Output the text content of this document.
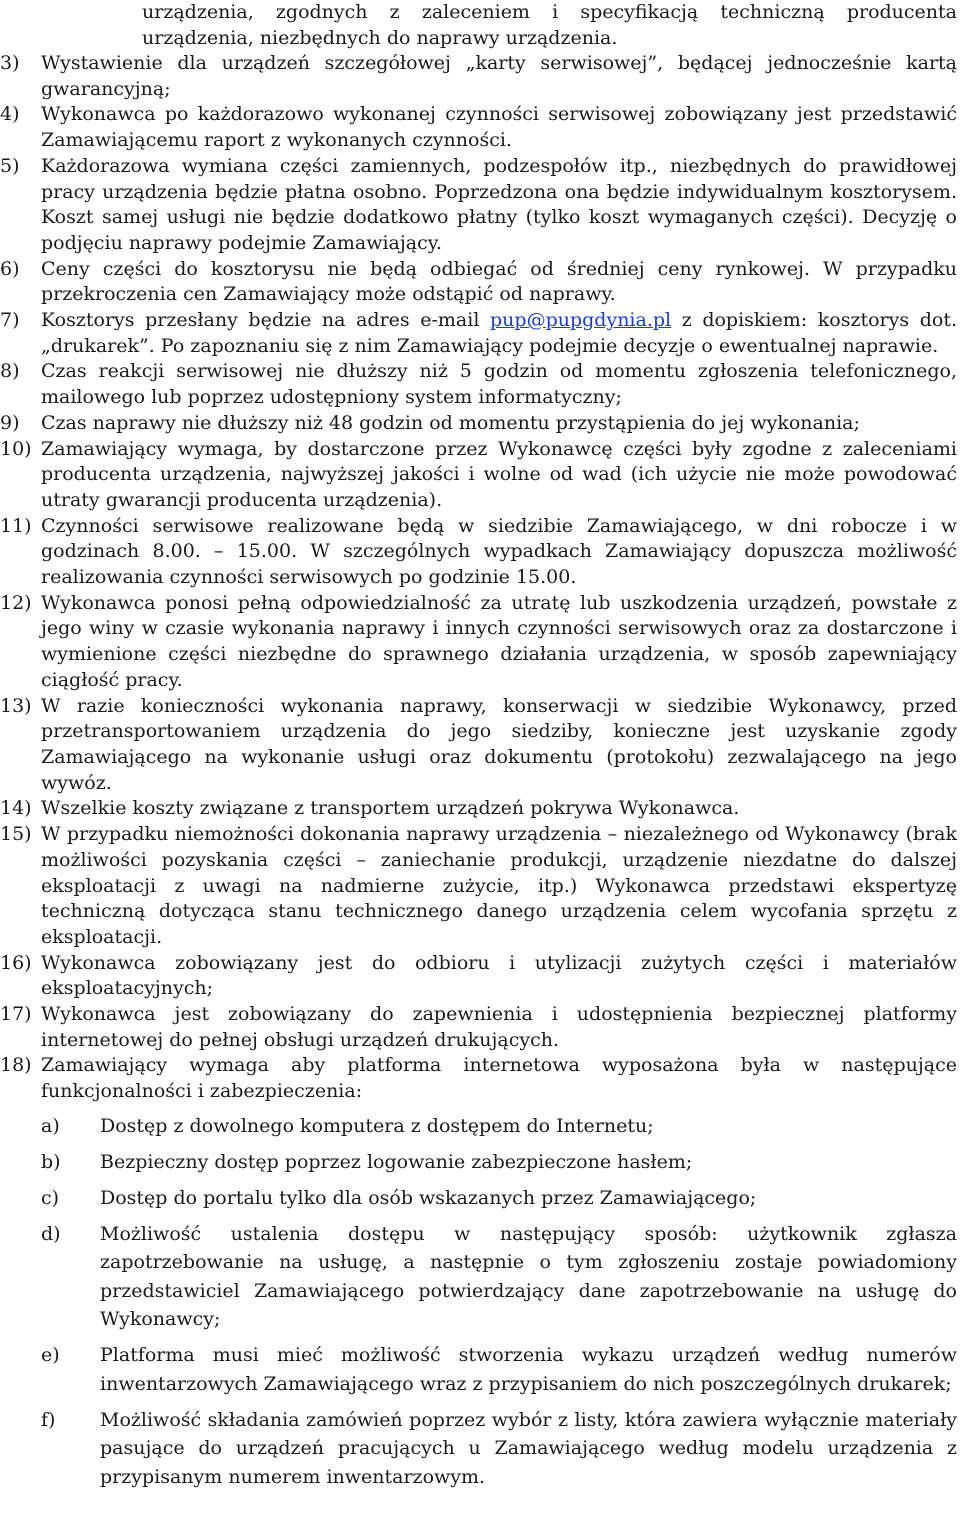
urządzenia, zgodnych z zaleceniem i specyfikacją techniczną producenta
urządzenia, niezbędnych do naprawy urządzenia.
3) Wystawienie dla urządzeń szczegółowej „karty serwisowej”, będącej jednocześnie kartą gwarancyjną;
4) Wykonawca po każdorazowo wykonanej czynności serwisowej zobowiązany jest przedstawić Zamawiającemu raport z wykonanych czynności.
5) Każdorazowa wymiana części zamiennych, podzespołów itp., niezbędnych do prawidłowej pracy urządzenia będzie płatna osobno. Poprzedzona ona będzie indywidualnym kosztorysem. Koszt samej usługi nie będzie dodatkowo płatny (tylko koszt wymaganych części). Decyzję o podjęciu naprawy podejmie Zamawiający.
6) Ceny części do kosztorysu nie będą odbiegać od średniej ceny rynkowej. W przypadku przekroczenia cen Zamawiający może odstąpić od naprawy.
7) Kosztorys przesłany będzie na adres e-mail pup@pupgdynia.pl z dopiskiem: kosztorys dot. „drukarek”. Po zapoznaniu się z nim Zamawiający podejmie decyzje o ewentualnej naprawie.
8) Czas reakcji serwisowej nie dłuższy niż 5 godzin od momentu zgłoszenia telefonicznego, mailowego lub poprzez udostępniony system informatyczny;
9) Czas naprawy nie dłuższy niż 48 godzin od momentu przystąpienia do jej wykonania;
10) Zamawiający wymaga, by dostarczone przez Wykonawcę części były zgodne z zaleceniami producenta urządzenia, najwyższej jakości i wolne od wad (ich użycie nie może powodować utraty gwarancji producenta urządzenia).
11) Czynności serwisowe realizowane będą w siedzibie Zamawiającego, w dni robocze i w godzinach 8.00. – 15.00. W szczególnych wypadkach Zamawiający dopuszcza możliwość realizowania czynności serwisowych po godzinie 15.00.
12) Wykonawca ponosi pełną odpowiedzialność za utratę lub uszkodzenia urządzeń, powstałe z jego winy w czasie wykonania naprawy i innych czynności serwisowych oraz za dostarczone i wymienione części niezbędne do sprawnego działania urządzenia, w sposób zapewniający ciągłość pracy.
13) W razie konieczności wykonania naprawy, konserwacji w siedzibie Wykonawcy, przed przetransportowaniem urządzenia do jego siedziby, konieczne jest uzyskanie zgody Zamawiającego na wykonanie usługi oraz dokumentu (protokołu) zezwalającego na jego wywóz.
14) Wszelkie koszty związane z transportem urządzeń pokrywa Wykonawca.
15) W przypadku niemożności dokonania naprawy urządzenia – niezależnego od Wykonawcy (brak możliwości pozyskania części – zaniechanie produkcji, urządzenie niezdatne do dalszej eksploatacji z uwagi na nadmierne zużycie, itp.) Wykonawca przedstawi ekspertyzę techniczną dotycząca stanu technicznego danego urządzenia celem wycofania sprzętu z eksploatacji.
16) Wykonawca zobowiązany jest do odbioru i utylizacji zużytych części i materiałów eksploatacyjnych;
17) Wykonawca jest zobowiązany do zapewnienia i udostępnienia bezpiecznej platformy internetowej do pełnej obsługi urządzeń drukujących.
18) Zamawiający wymaga aby platforma internetowa wyposażona była w następujące funkcjonalności i zabezpieczenia:
a) Dostęp z dowolnego komputera z dostępem do Internetu;
b) Bezpieczny dostęp poprzez logowanie zabezpieczone hasłem;
c) Dostęp do portalu tylko dla osób wskazanych przez Zamawiającego;
d) Możliwość ustalenia dostępu w następujący sposób: użytkownik zgłasza zapotrzebowanie na usługę, a następnie o tym zgłoszeniu zostaje powiadomiony przedstawiciel Zamawiającego potwierdzający dane zapotrzebowanie na usługę do Wykonawcy;
e) Platforma musi mieć możliwość stworzenia wykazu urządzeń według numerów inwentarzowych Zamawiającego wraz z przypisaniem do nich poszczególnych drukarek;
f) Możliwość składania zamówień poprzez wybór z listy, która zawiera wyłącznie materiały pasujące do urządzeń pracujących u Zamawiającego według modelu urządzenia z przypisanym numerem inwentarzowym.
